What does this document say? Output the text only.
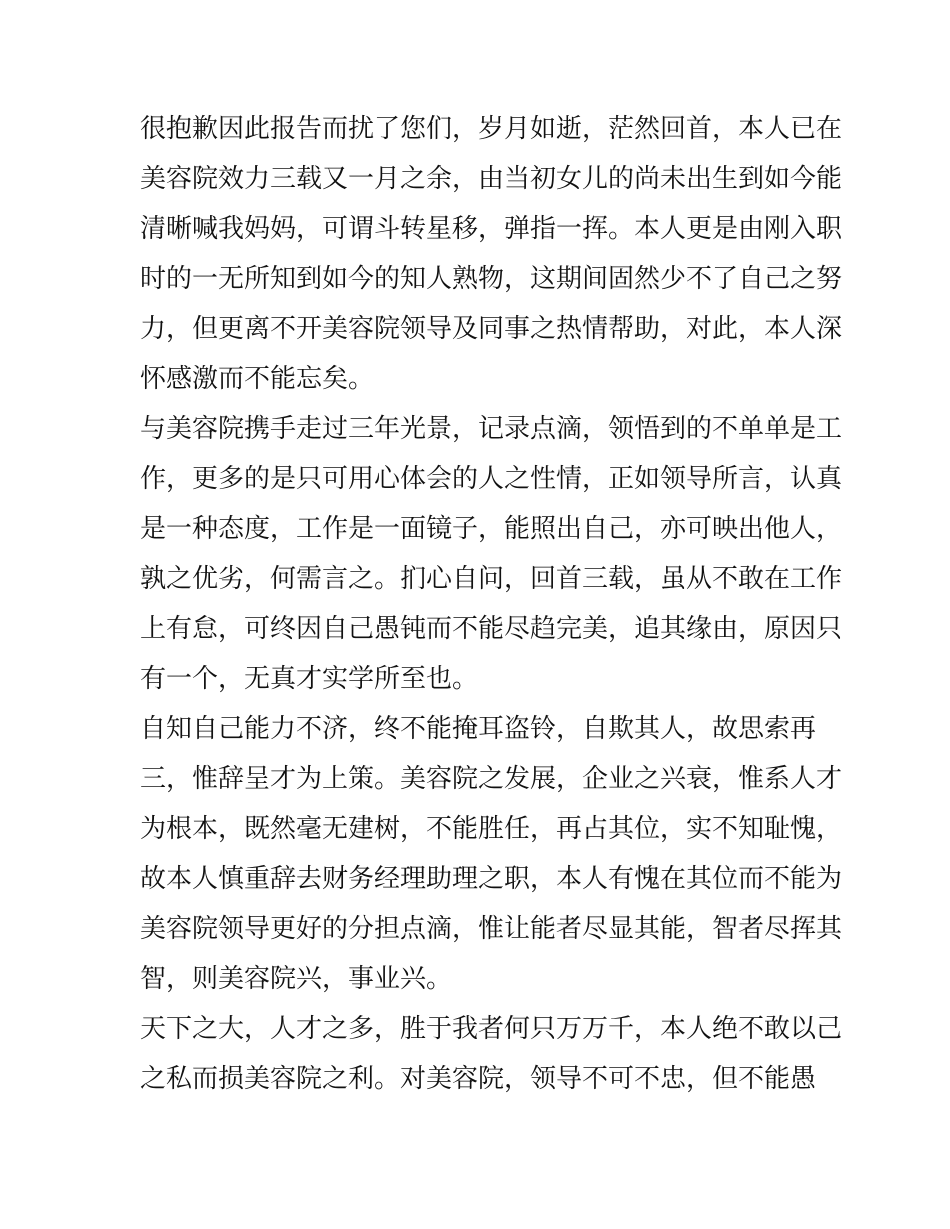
很抱歉因此报告而扰了您们，岁月如逝，茫然回首，本人已在

美容院效力三载又一月之余，由当初女儿的尚未出生到如今能

清晰喊我妈妈，可谓斗转星移，弹指一挥。本人更是由刚入职

时的一无所知到如今的知人熟物，这期间固然少不了自己之努

力，但更离不开美容院领导及同事之热情帮助，对此，本人深

怀感激而不能忘矣。

与美容院携手走过三年光景，记录点滴，领悟到的不单单是工

作，更多的是只可用心体会的人之性情，正如领导所言，认真

是一种态度，工作是一面镜子，能照出自己，亦可映出他人，

孰之优劣，何需言之。扪心自问，回首三载，虽从不敢在工作

上有怠，可终因自己愚钝而不能尽趋完美，追其缘由，原因只

有一个，无真才实学所至也。

自知自己能力不济，终不能掩耳盗铃，自欺其人，故思索再

三，惟辞呈才为上策。美容院之发展，企业之兴衰，惟系人才

为根本，既然毫无建树，不能胜任，再占其位，实不知耻愧，

故本人慎重辞去财务经理助理之职，本人有愧在其位而不能为

美容院领导更好的分担点滴，惟让能者尽显其能，智者尽挥其

智，则美容院兴，事业兴。

天下之大，人才之多，胜于我者何只万万千，本人绝不敢以己

之私而损美容院之利。对美容院，领导不可不忠，但不能愚
